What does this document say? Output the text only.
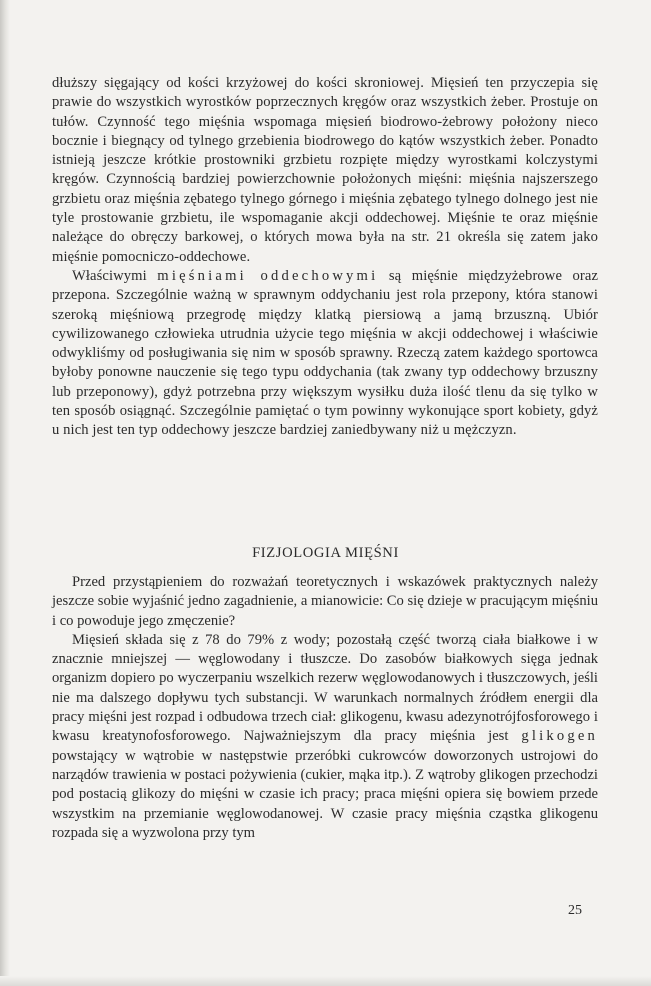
dłuższy sięgający od kości krzyżowej do kości skroniowej. Mięsień ten przyczepia się prawie do wszystkich wyrostków poprzecznych kręgów oraz wszystkich żeber. Prostuje on tułów. Czynność tego mięśnia wspomaga mięsień biodrowo-żebrowy położony nieco bocznie i biegnący od tylnego grzebienia biodrowego do kątów wszystkich żeber. Ponadto istnieją jeszcze krótkie prostowniki grzbietu rozpięte między wyrostkami kolczystymi kręgów. Czynnością bardziej powierzchownie położonych mięśni: mięśnia najszerszego grzbietu oraz mięśnia zębatego tylnego górnego i mięśnia zębatego tylnego dolnego jest nie tyle prostowanie grzbietu, ile wspomaganie akcji oddechowej. Mięśnie te oraz mięśnie należące do obręczy barkowej, o których mowa była na str. 21 określa się zatem jako mięśnie pomocniczo-oddechowe.

Właściwymi mięśniami oddechowymi są mięśnie międzyżebrowe oraz przepona. Szczególnie ważną w sprawnym oddychaniu jest rola przepony, która stanowi szeroką mięśniową przegrodę między klatką piersiową a jamą brzuszną. Ubiór cywilizowanego człowieka utrudnia użycie tego mięśnia w akcji oddechowej i właściwie odwykliśmy od posługiwania się nim w sposób sprawny. Rzeczą zatem każdego sportowca byłoby ponowne nauczenie się tego typu oddychania (tak zwany typ oddechowy brzuszny lub przeponowy), gdyż potrzebna przy większym wysiłku duża ilość tlenu da się tylko w ten sposób osiągnąć. Szczególnie pamiętać o tym powinny wykonujące sport kobiety, gdyż u nich jest ten typ oddechowy jeszcze bardziej zaniedbywany niż u mężczyzn.

FIZJOLOGIA MIĘŚNI

Przed przystąpieniem do rozważań teoretycznych i wskazówek praktycznych należy jeszcze sobie wyjaśnić jedno zagadnienie, a mianowicie: Co się dzieje w pracującym mięśniu i co powoduje jego zmęczenie?

Mięsień składa się z 78 do 79% z wody; pozostałą część tworzą ciała białkowe i w znacznie mniejszej — węglowodany i tłuszcze. Do zasobów białkowych sięga jednak organizm dopiero po wyczerpaniu wszelkich rezerw węglowodanowych i tłuszczowych, jeśli nie ma dalszego dopływu tych substancji. W warunkach normalnych źródłem energii dla pracy mięśni jest rozpad i odbudowa trzech ciał: glikogenu, kwasu adezynotrójfosforowego i kwasu kreatynofosforowego. Najważniejszym dla pracy mięśnia jest glikogen powstający w wątrobie w następstwie przeróbki cukrowców doworzonych ustrojowi do narządów trawienia w postaci pożywienia (cukier, mąka itp.). Z wątroby glikogen przechodzi pod postacią glikozy do mięśni w czasie ich pracy; praca mięśni opiera się bowiem przede wszystkim na przemianie węglowodanowej. W czasie pracy mięśnia cząstka glikogenu rozpada się a wyzwolona przy tym

25
